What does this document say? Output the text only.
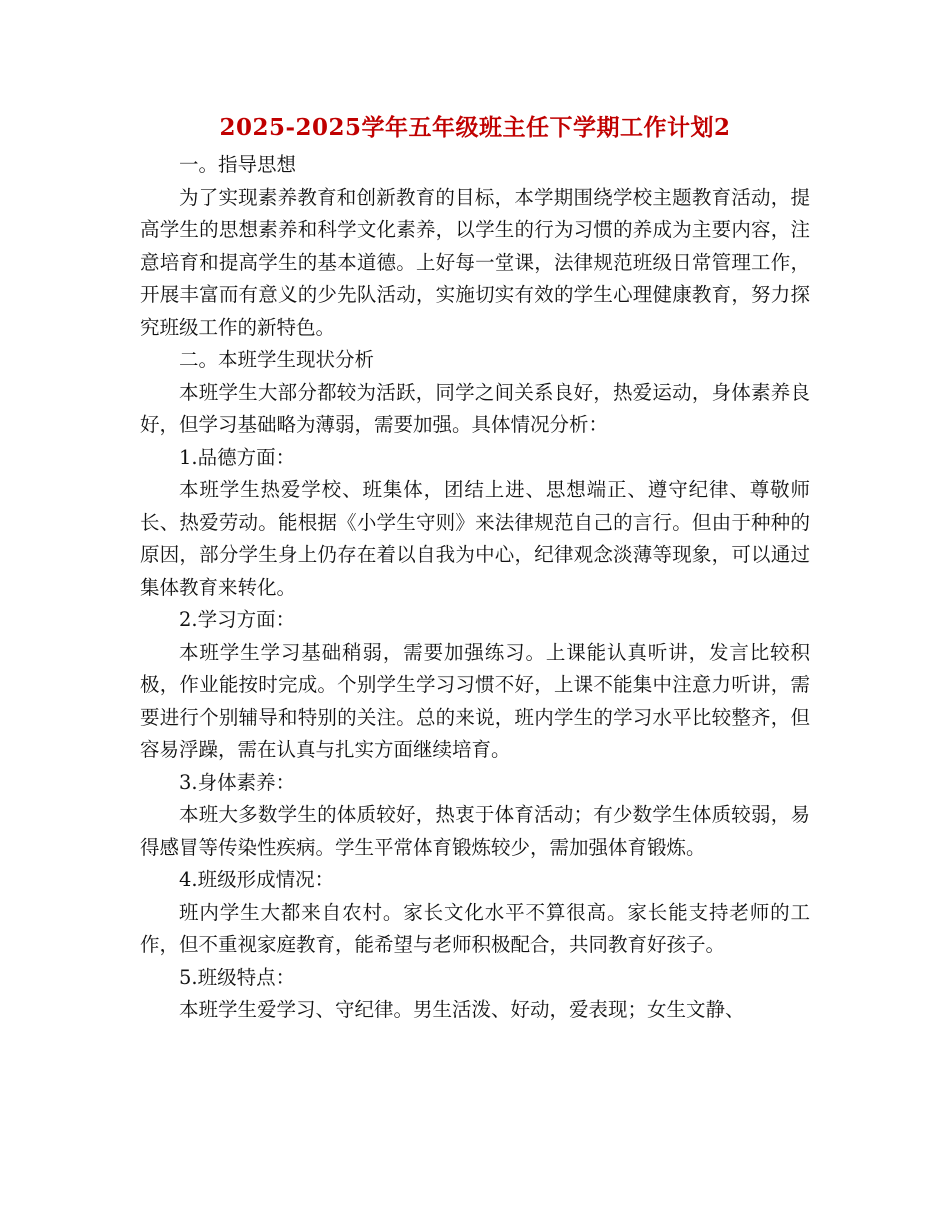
2025-2025学年五年级班主任下学期工作计划2

一。指导思想

为了实现素养教育和创新教育的目标，本学期围绕学校主题教育活动，提高学生的思想素养和科学文化素养，以学生的行为习惯的养成为主要内容，注意培育和提高学生的基本道德。上好每一堂课，法律规范班级日常管理工作，开展丰富而有意义的少先队活动，实施切实有效的学生心理健康教育，努力探究班级工作的新特色。

二。本班学生现状分析

本班学生大部分都较为活跃，同学之间关系良好，热爱运动，身体素养良好，但学习基础略为薄弱，需要加强。具体情况分析：

1.品德方面：

本班学生热爱学校、班集体，团结上进、思想端正、遵守纪律、尊敬师长、热爱劳动。能根据《小学生守则》来法律规范自己的言行。但由于种种的原因，部分学生身上仍存在着以自我为中心，纪律观念淡薄等现象，可以通过集体教育来转化。

2.学习方面：

本班学生学习基础稍弱，需要加强练习。上课能认真听讲，发言比较积极，作业能按时完成。个别学生学习习惯不好，上课不能集中注意力听讲，需要进行个别辅导和特别的关注。总的来说，班内学生的学习水平比较整齐，但容易浮躁，需在认真与扎实方面继续培育。

3.身体素养：

本班大多数学生的体质较好，热衷于体育活动；有少数学生体质较弱，易得感冒等传染性疾病。学生平常体育锻炼较少，需加强体育锻炼。

4.班级形成情况：

班内学生大都来自农村。家长文化水平不算很高。家长能支持老师的工作，但不重视家庭教育，能希望与老师积极配合，共同教育好孩子。

5.班级特点：

本班学生爱学习、守纪律。男生活泼、好动，爱表现；女生文静、
